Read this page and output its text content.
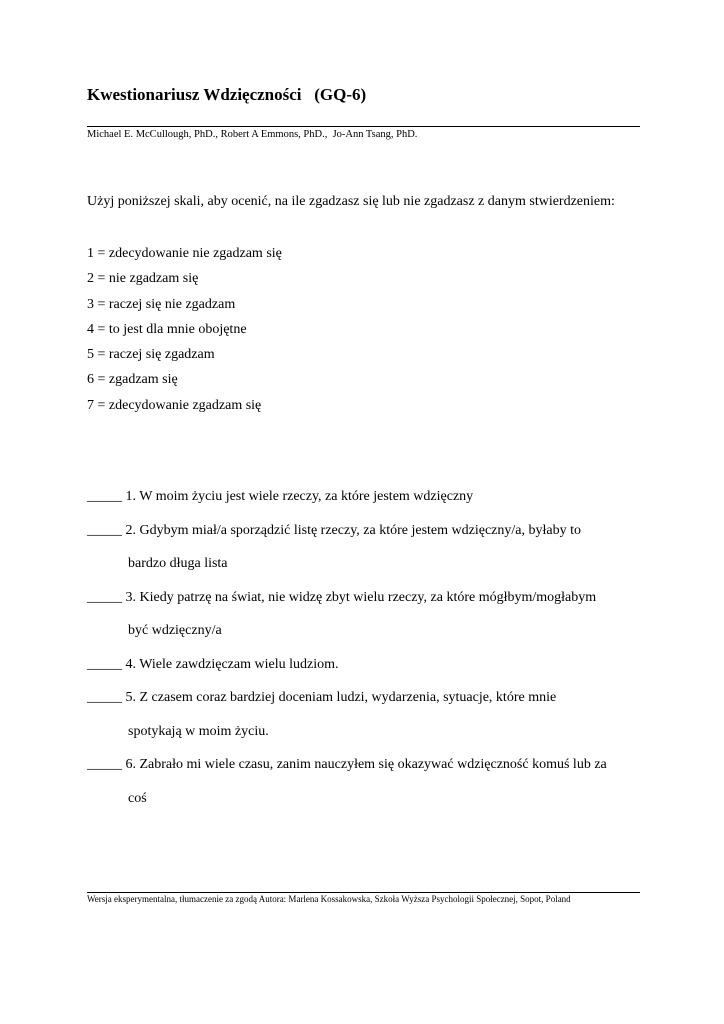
Kwestionariusz Wdzięczności   (GQ-6)
Michael E. McCullough, PhD., Robert A Emmons, PhD.,  Jo-Ann Tsang, PhD.
Użyj poniższej skali, aby ocenić, na ile zgadzasz się lub nie zgadzasz z danym stwierdzeniem:
1 = zdecydowanie nie zgadzam się
2 = nie zgadzam się
3 = raczej się nie zgadzam
4 = to jest dla mnie obojętne
5 = raczej się zgadzam
6 = zgadzam się
7 = zdecydowanie zgadzam się
_____ 1. W moim życiu jest wiele rzeczy, za które jestem wdzięczny
_____ 2. Gdybym miał/a sporządzić listę rzeczy, za które jestem wdzięczny/a, byłaby to
bardzo długa lista
_____ 3. Kiedy patrzę na świat, nie widzę zbyt wielu rzeczy, za które mógłbym/mogłabym
być wdzięczny/a
_____ 4. Wiele zawdzięczam wielu ludziom.
_____ 5. Z czasem coraz bardziej doceniam ludzi, wydarzenia, sytuacje, które mnie
spotykają w moim życiu.
_____ 6. Zabrało mi wiele czasu, zanim nauczyłem się okazywać wdzięczność komuś lub za
coś
Wersja eksperymentalna, tłumaczenie za zgodą Autora: Marlena Kossakowska, Szkoła Wyższa Psychologii Społecznej, Sopot, Poland
